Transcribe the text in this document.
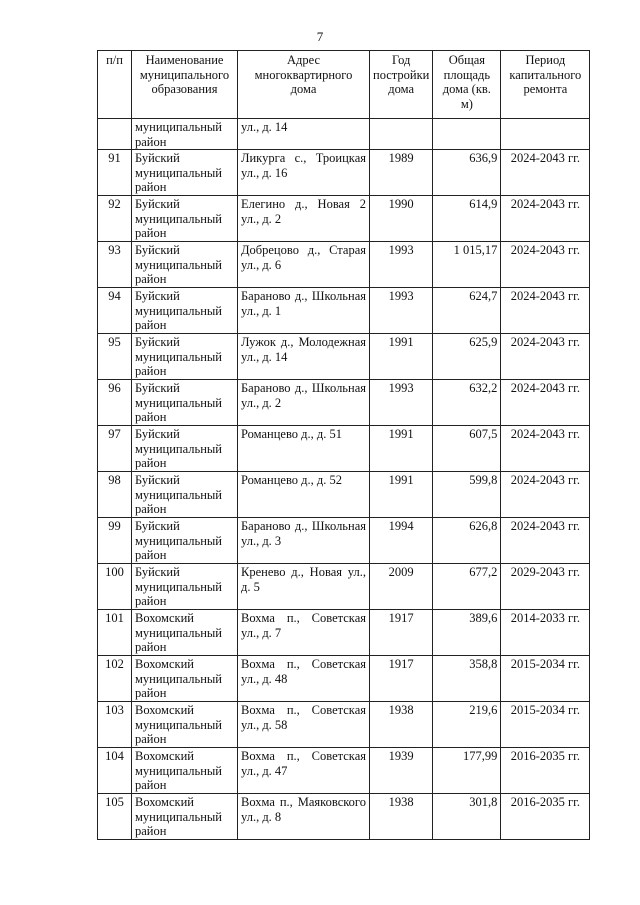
7
п/п	Наименование муниципального образования	Адрес многоквартирного дома	Год постройки дома	Общая площадь дома (кв. м)	Период капитального ремонта
	муниципальный район	ул., д. 14			
91	Буйский муниципальный район	Ликурга с., Троицкая ул., д. 16	1989	636,9	2024-2043 гг.
92	Буйский муниципальный район	Елегино д., Новая 2 ул., д. 2	1990	614,9	2024-2043 гг.
93	Буйский муниципальный район	Добрецово д., Старая ул., д. 6	1993	1 015,17	2024-2043 гг.
94	Буйский муниципальный район	Бараново д., Школьная ул., д. 1	1993	624,7	2024-2043 гг.
95	Буйский муниципальный район	Лужок д., Молодежная ул., д. 14	1991	625,9	2024-2043 гг.
96	Буйский муниципальный район	Бараново д., Школьная ул., д. 2	1993	632,2	2024-2043 гг.
97	Буйский муниципальный район	Романцево д., д. 51	1991	607,5	2024-2043 гг.
98	Буйский муниципальный район	Романцево д., д. 52	1991	599,8	2024-2043 гг.
99	Буйский муниципальный район	Бараново д., Школьная ул., д. 3	1994	626,8	2024-2043 гг.
100	Буйский муниципальный район	Кренево д., Новая ул., д. 5	2009	677,2	2029-2043 гг.
101	Вохомский муниципальный район	Вохма п., Советская ул., д. 7	1917	389,6	2014-2033 гг.
102	Вохомский муниципальный район	Вохма п., Советская ул., д. 48	1917	358,8	2015-2034 гг.
103	Вохомский муниципальный район	Вохма п., Советская ул., д. 58	1938	219,6	2015-2034 гг.
104	Вохомский муниципальный район	Вохма п., Советская ул., д. 47	1939	177,99	2016-2035 гг.
105	Вохомский муниципальный район	Вохма п., Маяковского ул., д. 8	1938	301,8	2016-2035 гг.
